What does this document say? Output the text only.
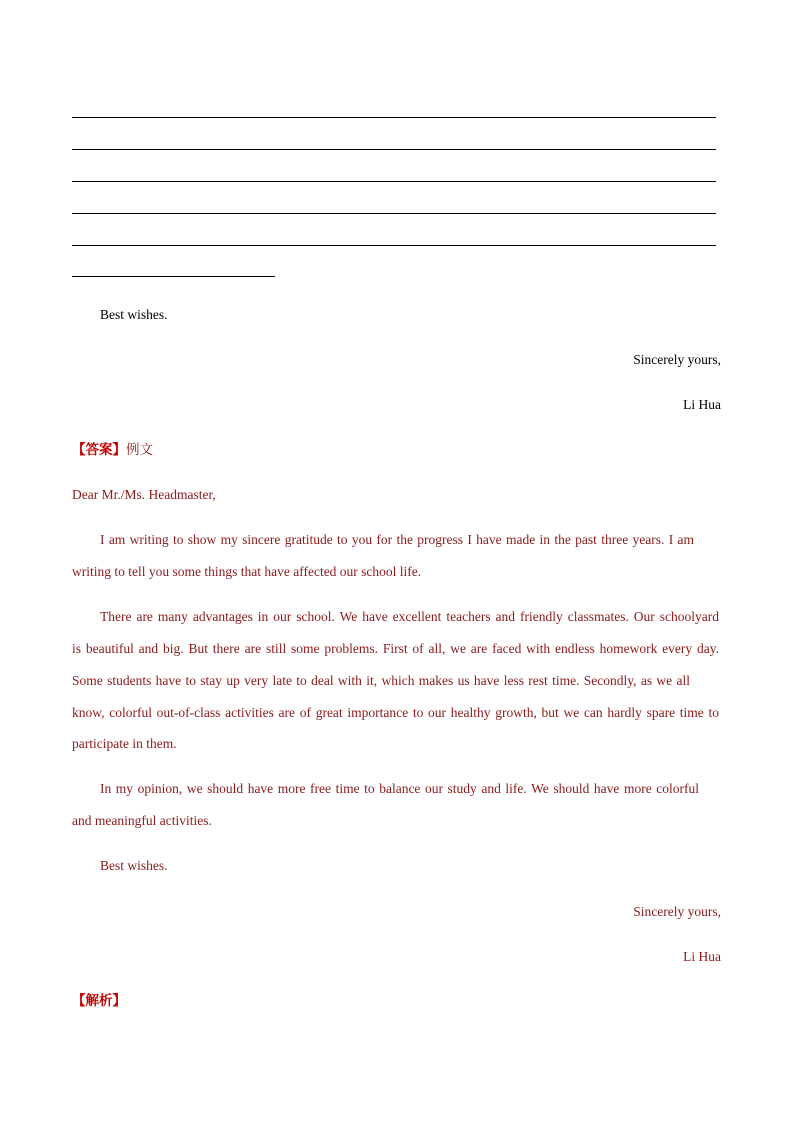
Best wishes.
Sincerely yours,
Li Hua
【答案】例文
Dear Mr./Ms. Headmaster,
I am writing to show my sincere gratitude to you for the progress I have made in the past three years. I am
writing to tell you some things that have affected our school life.
There are many advantages in our school. We have excellent teachers and friendly classmates. Our schoolyard
is beautiful and big. But there are still some problems. First of all, we are faced with endless homework every day.
Some students have to stay up very late to deal with it, which makes us have less rest time. Secondly, as we all
know, colorful out-of-class activities are of great importance to our healthy growth, but we can hardly spare time to
participate in them.
In my opinion, we should have more free time to balance our study and life. We should have more colorful
and meaningful activities.
Best wishes.
Sincerely yours,
Li Hua
【解析】
